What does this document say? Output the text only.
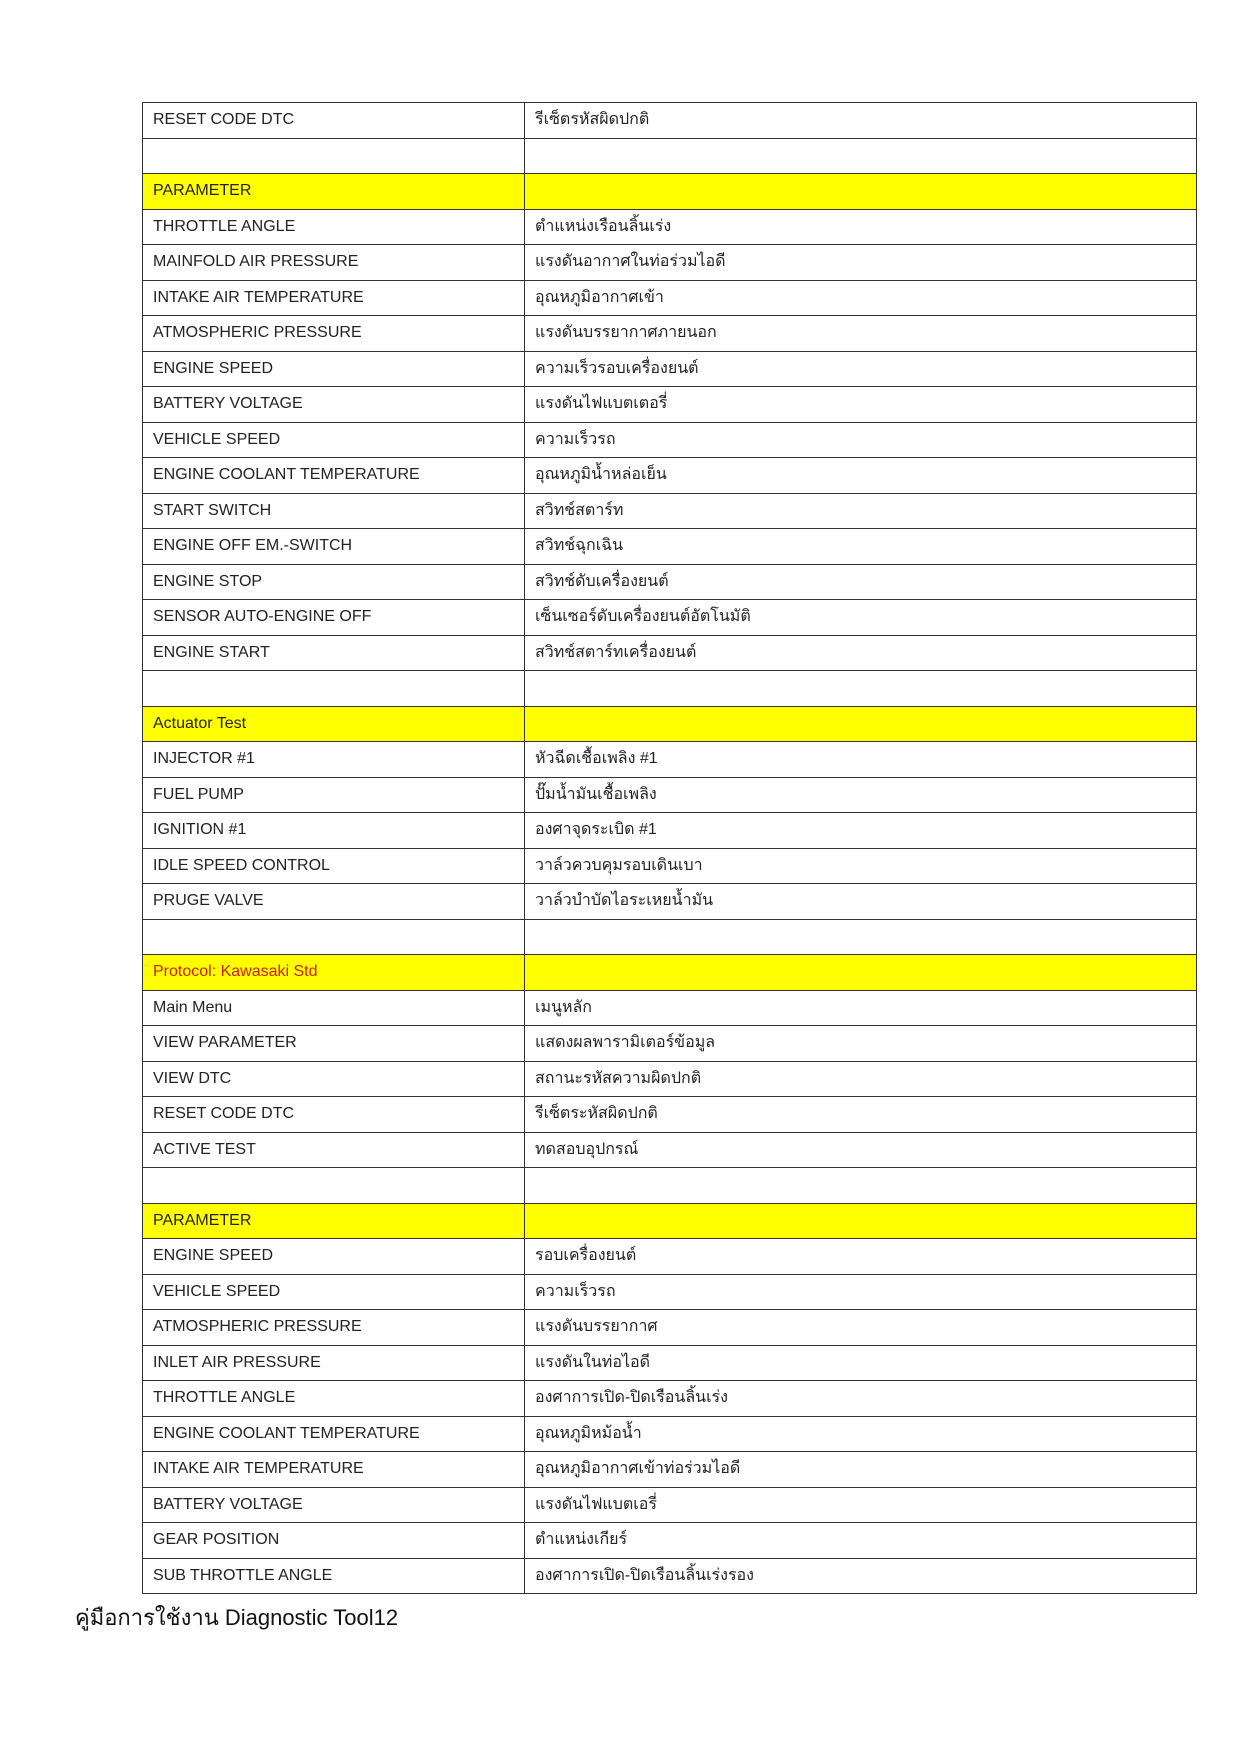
RESET CODE DTC	รีเซ็ตรหัสผิดปกติ

PARAMETER	
THROTTLE ANGLE	ตำแหน่งเรือนลิ้นเร่ง
MAINFOLD AIR PRESSURE	แรงดันอากาศในท่อร่วมไอดี
INTAKE AIR TEMPERATURE	อุณหภูมิอากาศเข้า
ATMOSPHERIC PRESSURE	แรงดันบรรยากาศภายนอก
ENGINE SPEED	ความเร็วรอบเครื่องยนต์
BATTERY VOLTAGE	แรงดันไฟแบตเตอรี่
VEHICLE SPEED	ความเร็วรถ
ENGINE COOLANT TEMPERATURE	อุณหภูมิน้ำหล่อเย็น
START SWITCH	สวิทช์สตาร์ท
ENGINE OFF EM.-SWITCH	สวิทช์ฉุกเฉิน
ENGINE STOP	สวิทช์ดับเครื่องยนต์
SENSOR AUTO-ENGINE OFF	เซ็นเซอร์ดับเครื่องยนต์อัตโนมัติ
ENGINE START	สวิทช์สตาร์ทเครื่องยนต์

Actuator Test	
INJECTOR #1	หัวฉีดเชื้อเพลิง #1
FUEL PUMP	ปั๊มน้ำมันเชื้อเพลิง
IGNITION #1	องศาจุดระเบิด #1
IDLE SPEED CONTROL	วาล์วควบคุมรอบเดินเบา
PRUGE VALVE	วาล์วบำบัดไอระเหยน้ำมัน

Protocol: Kawasaki Std	
Main Menu	เมนูหลัก
VIEW PARAMETER	แสดงผลพารามิเตอร์ข้อมูล
VIEW DTC	สถานะรหัสความผิดปกติ
RESET CODE DTC	รีเซ็ตระหัสผิดปกติ
ACTIVE TEST	ทดสอบอุปกรณ์

PARAMETER	
ENGINE SPEED	รอบเครื่องยนต์
VEHICLE SPEED	ความเร็วรถ
ATMOSPHERIC PRESSURE	แรงดันบรรยากาศ
INLET AIR PRESSURE	แรงดันในท่อไอดี
THROTTLE ANGLE	องศาการเปิด-ปิดเรือนลิ้นเร่ง
ENGINE COOLANT TEMPERATURE	อุณหภูมิหม้อน้ำ
INTAKE AIR TEMPERATURE	อุณหภูมิอากาศเข้าท่อร่วมไอดี
BATTERY VOLTAGE	แรงดันไฟแบตเอรี่
GEAR POSITION	ตำแหน่งเกียร์
SUB THROTTLE ANGLE	องศาการเปิด-ปิดเรือนลิ้นเร่งรอง
คู่มือการใช้งาน Diagnostic Tool12
